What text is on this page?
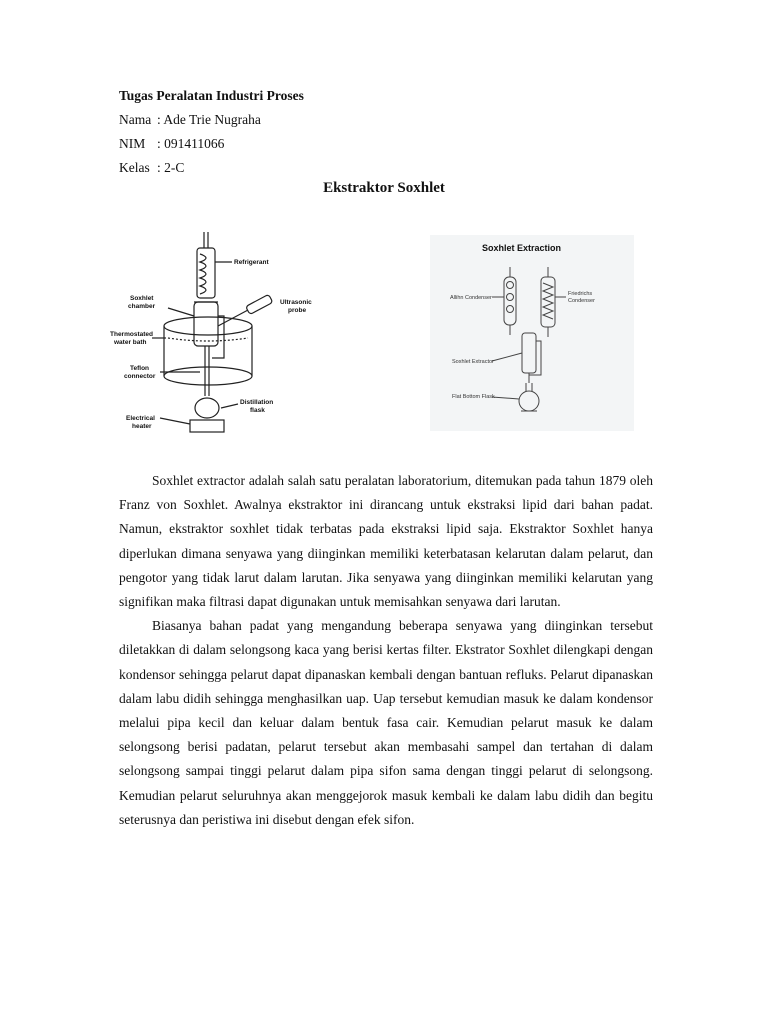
Tugas Peralatan Industri Proses
Nama : Ade Trie Nugraha
NIM : 091411066
Kelas : 2-C
Ekstraktor Soxhlet
Refrigerant
Soxhlet
chamber
Ultrasonic
probe
Thermostated
water bath
Teflon
connector
Distillation
flask
Electrical
heater
Soxhlet Extraction
Allihn Condenser
Friedrichs
Condenser
Soxhlet Extractor
Flat Bottom Flask

Soxhlet extractor adalah salah satu peralatan laboratorium, ditemukan pada tahun 1879 oleh Franz von Soxhlet. Awalnya ekstraktor ini dirancang untuk ekstraksi lipid dari bahan padat. Namun, ekstraktor soxhlet tidak terbatas pada ekstraksi lipid saja. Ekstraktor Soxhlet hanya diperlukan dimana senyawa yang diinginkan memiliki keterbatasan kelarutan dalam pelarut, dan pengotor yang tidak larut dalam larutan. Jika senyawa yang diinginkan memiliki kelarutan yang signifikan maka filtrasi dapat digunakan untuk memisahkan senyawa dari larutan.

Biasanya bahan padat yang mengandung beberapa senyawa yang diinginkan tersebut diletakkan di dalam selongsong kaca yang berisi kertas filter. Ekstrator Soxhlet dilengkapi dengan kondensor sehingga pelarut dapat dipanaskan kembali dengan bantuan refluks. Pelarut dipanaskan dalam labu didih sehingga menghasilkan uap. Uap tersebut kemudian masuk ke dalam kondensor melalui pipa kecil dan keluar dalam bentuk fasa cair. Kemudian pelarut masuk ke dalam selongsong berisi padatan, pelarut tersebut akan membasahi sampel dan tertahan di dalam selongsong sampai tinggi pelarut dalam pipa sifon sama dengan tinggi pelarut di selongsong. Kemudian pelarut seluruhnya akan menggejorok masuk kembali ke dalam labu didih dan begitu seterusnya dan peristiwa ini disebut dengan efek sifon.
